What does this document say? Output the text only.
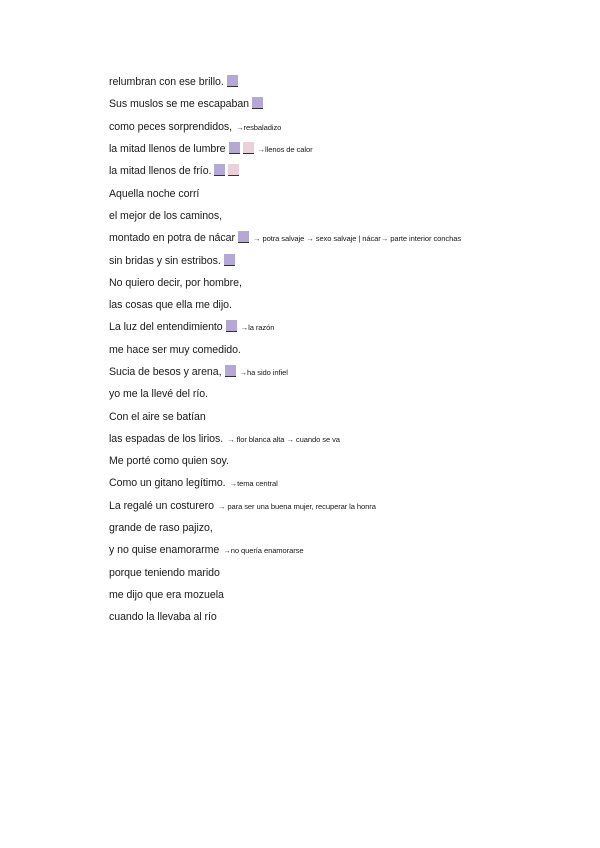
relumbran con ese brillo.
Sus muslos se me escapaban
como peces sorprendidos, →resbaladizo
la mitad llenos de lumbre	→llenos de calor
la mitad llenos de frío.
Aquella noche corrí
el mejor de los caminos,
montado en potra de nácar → potra salvaje → sexo salvaje | nácar→ parte interior conchas
sin bridas y sin estribos.
No quiero decir, por hombre,
las cosas que ella me dijo.
La luz del entendimiento →la razón
me hace ser muy comedido.
Sucia de besos y arena, →ha sido infiel
yo me la llevé del río.
Con el aire se batían
las espadas de los lirios. → flor blanca alta → cuando se va
Me porté como quien soy.
Como un gitano legítimo. →tema central
La regalé un costurero → para ser una buena mujer, recuperar la honra
grande de raso pajizo,
y no quise enamorarme →no quería enamorarse
porque teniendo marido
me dijo que era mozuela
cuando la llevaba al río
